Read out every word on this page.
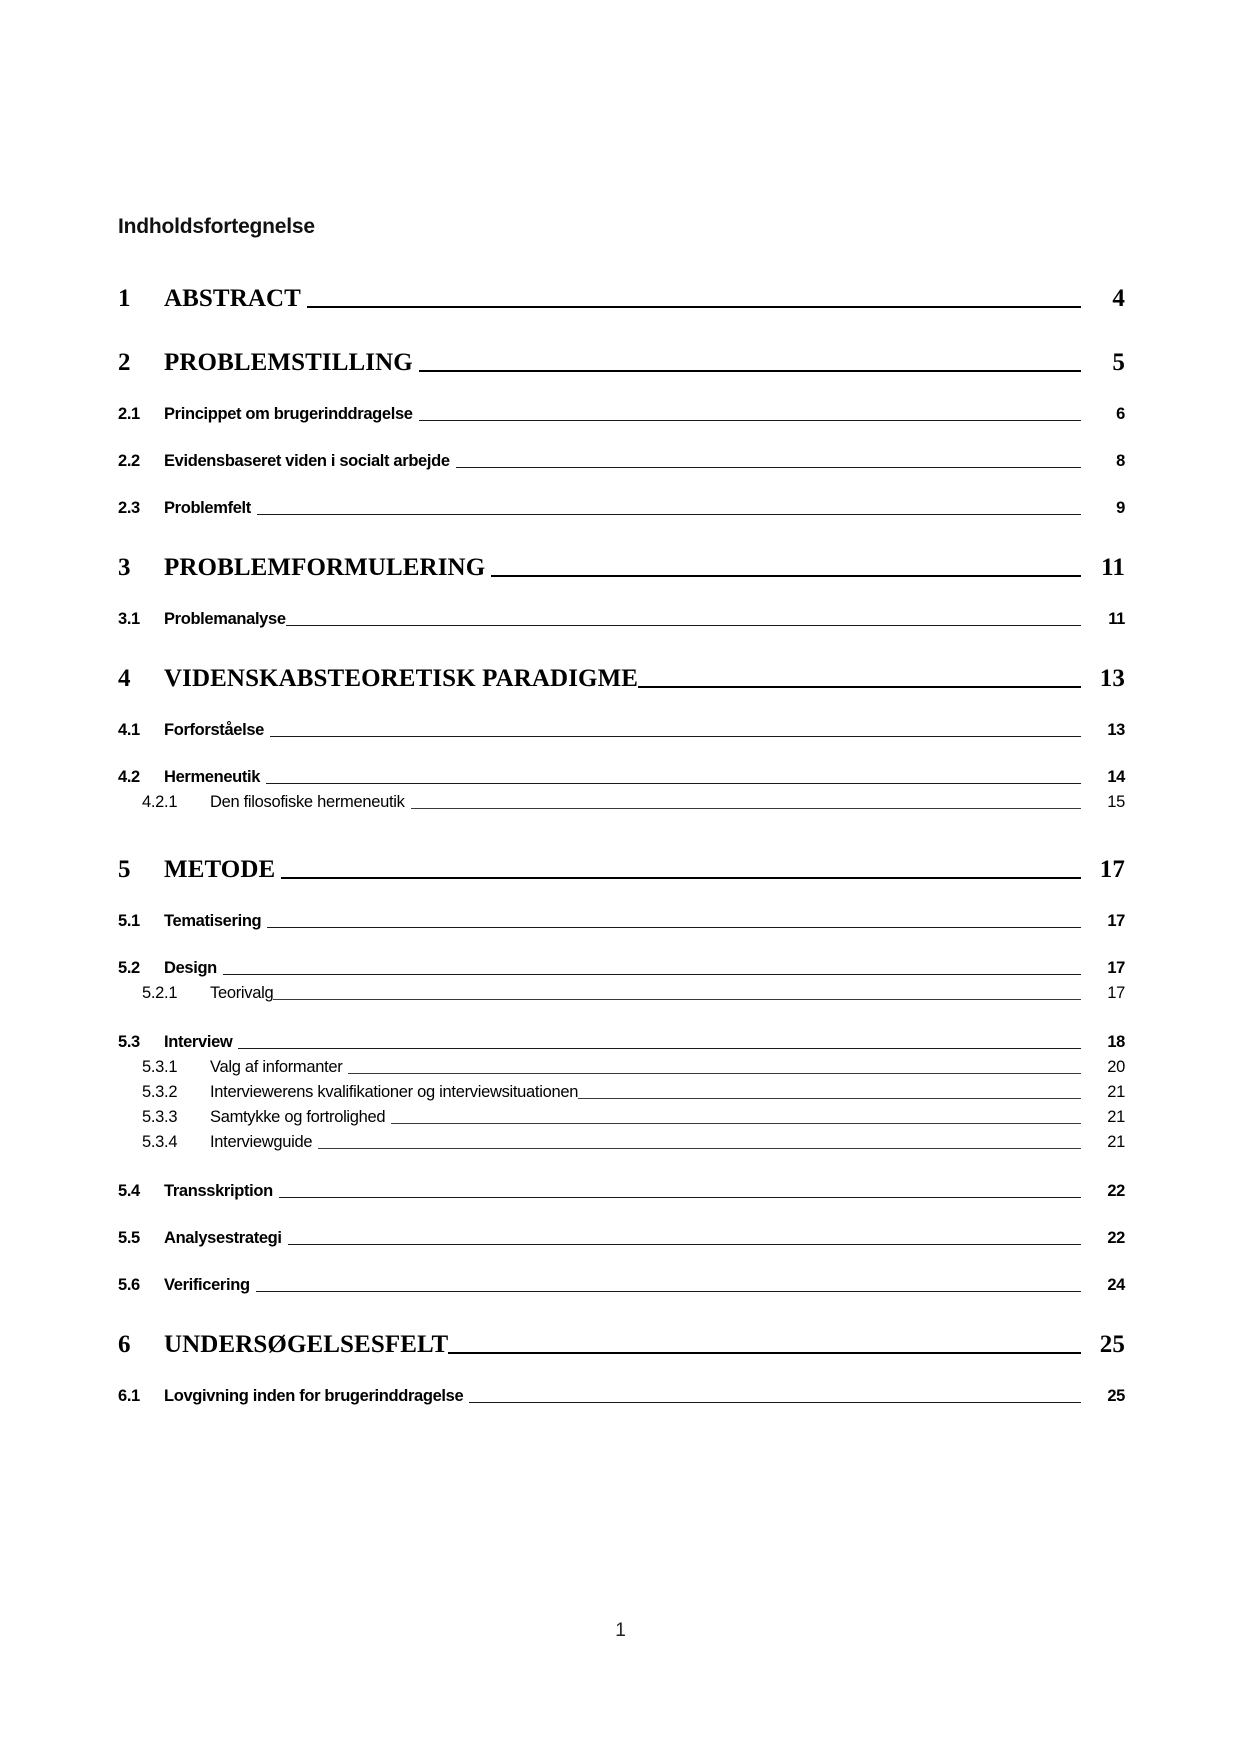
Indholdsfortegnelse
1	ABSTRACT	4
2	PROBLEMSTILLING	5
2.1	Princippet om brugerinddragelse	6
2.2	Evidensbaseret viden i socialt arbejde	8
2.3	Problemfelt	9
3	PROBLEMFORMULERING	11
3.1	Problemanalyse	11
4	VIDENSKABSTEORETISK PARADIGME	13
4.1	Forforståelse	13
4.2	Hermeneutik	14
4.2.1	Den filosofiske hermeneutik	15
5	METODE	17
5.1	Tematisering	17
5.2	Design	17
5.2.1	Teorivalg	17
5.3	Interview	18
5.3.1	Valg af informanter	20
5.3.2	Interviewerens kvalifikationer og interviewsituationen	21
5.3.3	Samtykke og fortrolighed	21
5.3.4	Interviewguide	21
5.4	Transskription	22
5.5	Analysestrategi	22
5.6	Verificering	24
6	UNDERSØGELSESFELT	25
6.1	Lovgivning inden for brugerinddragelse	25
1
